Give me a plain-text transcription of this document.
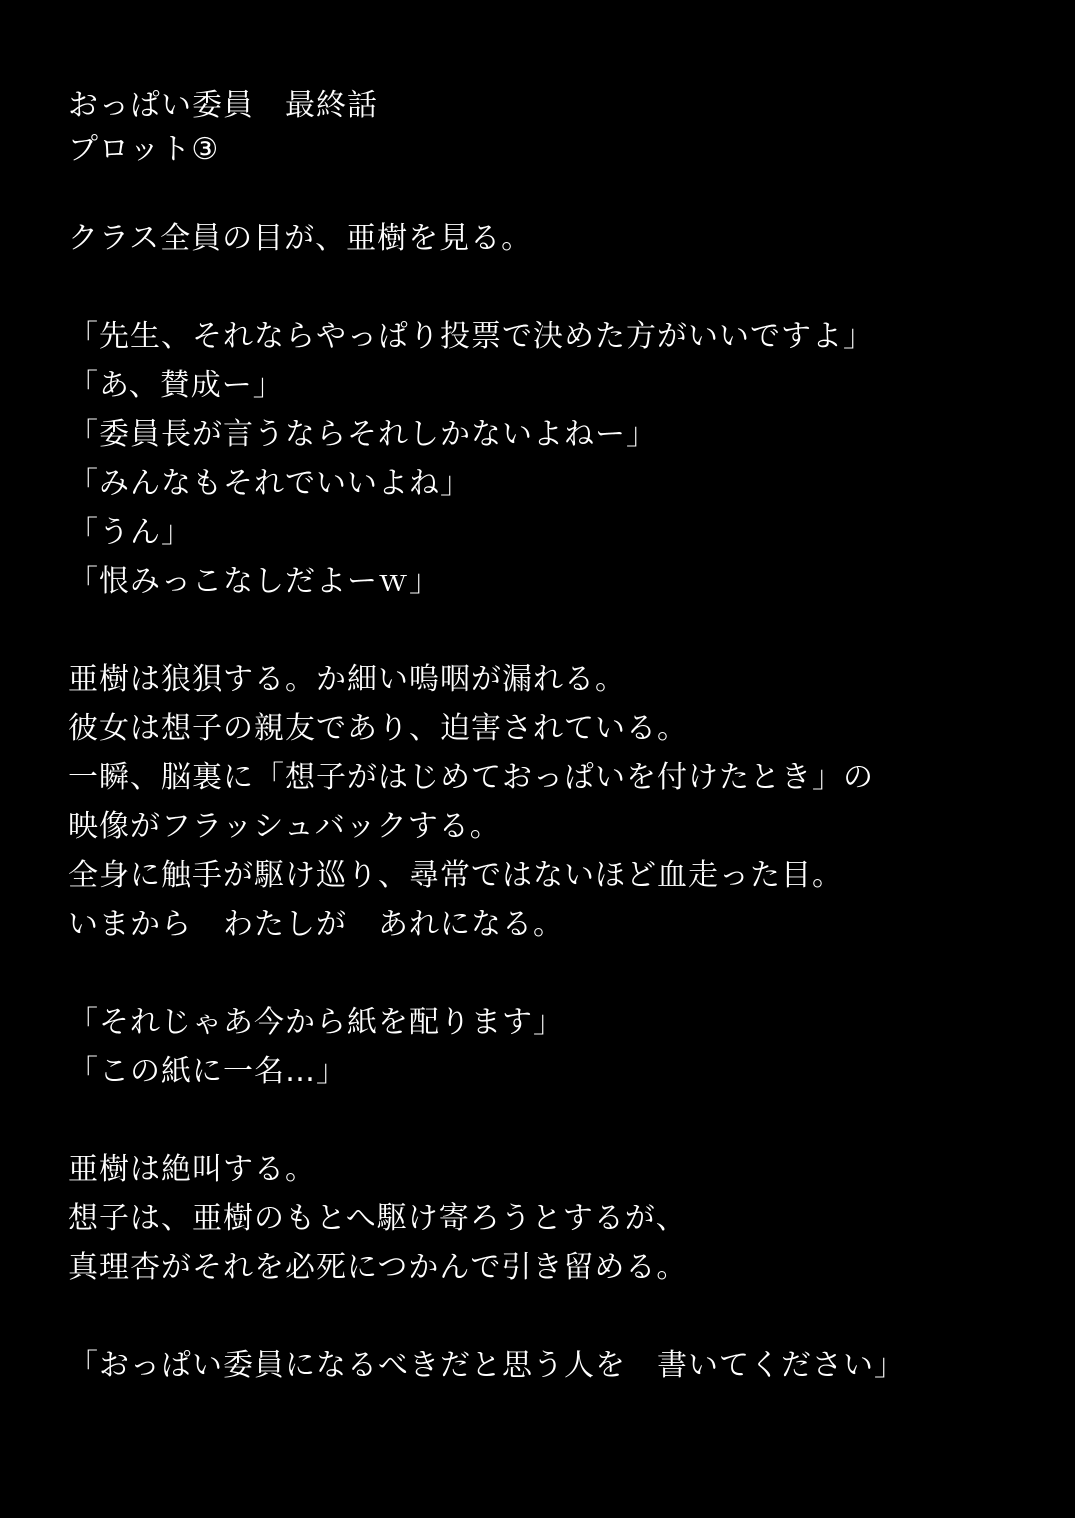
おっぱい委員　最終話
プロット③
クラス全員の目が、亜樹を見る。
「先生、それならやっぱり投票で決めた方がいいですよ」
「あ、賛成ー」
「委員長が言うならそれしかないよねー」
「みんなもそれでいいよね」
「うん」
「恨みっこなしだよーｗ」
亜樹は狼狽する。か細い嗚咽が漏れる。
彼女は想子の親友であり、迫害されている。
一瞬、脳裏に「想子がはじめておっぱいを付けたとき」の
映像がフラッシュバックする。
全身に触手が駆け巡り、尋常ではないほど血走った目。
いまから　わたしが　あれになる。
「それじゃあ今から紙を配ります」
「この紙に一名…」
亜樹は絶叫する。
想子は、亜樹のもとへ駆け寄ろうとするが、
真理杏がそれを必死につかんで引き留める。
「おっぱい委員になるべきだと思う人を　書いてください」
